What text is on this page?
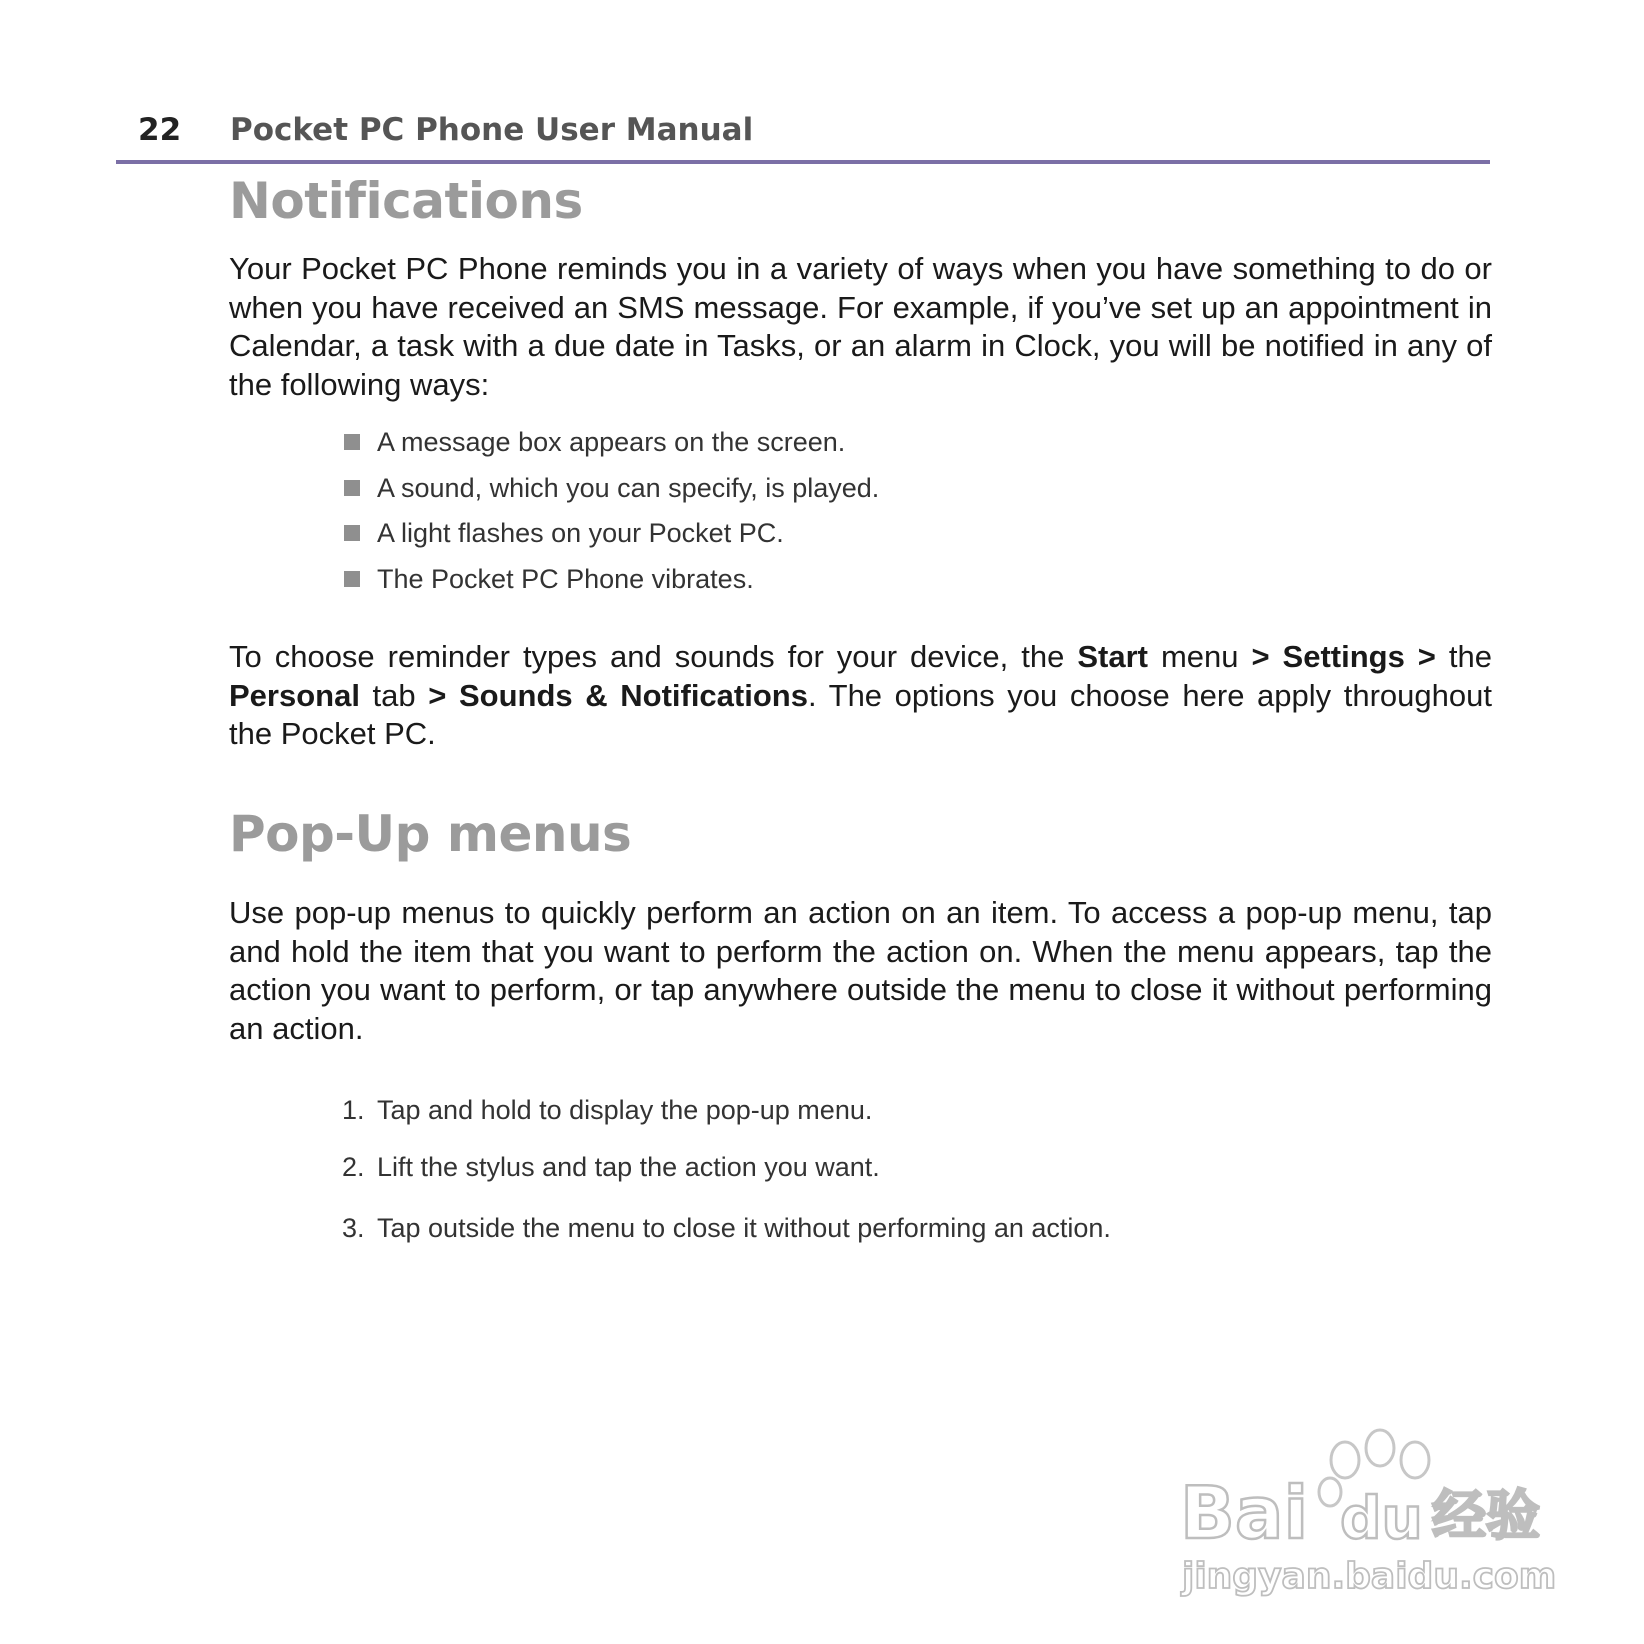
22 Pocket PC Phone User Manual
Notifications

Your Pocket PC Phone reminds you in a variety of ways when you have something to do or when you have received an SMS message. For example, if you’ve set up an appointment in Calendar, a task with a due date in Tasks, or an alarm in Clock, you will be notified in any of the following ways:

A message box appears on the screen.
A sound, which you can specify, is played.
A light flashes on your Pocket PC.
The Pocket PC Phone vibrates.

To choose reminder types and sounds for your device, the Start menu > Settings > the Personal tab > Sounds & Notifications. The options you choose here apply throughout the Pocket PC.

Pop-Up menus

Use pop-up menus to quickly perform an action on an item. To access a pop-up menu, tap and hold the item that you want to perform the action on. When the menu appears, tap the action you want to perform, or tap anywhere outside the menu to close it without performing an action.

1. Tap and hold to display the pop-up menu.
2. Lift the stylus and tap the action you want.
3. Tap outside the menu to close it without performing an action.
Bai du 经验
jingyan.baidu.com
